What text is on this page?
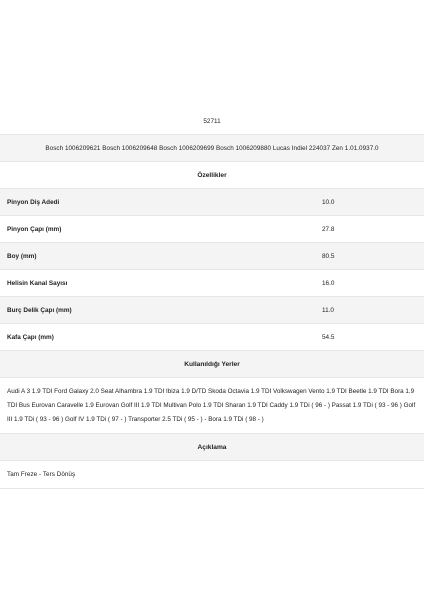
52711
Bosch 1006209621 Bosch 1006209648 Bosch 1006209699 Bosch 1006209880 Lucas Indiel 224037 Zen 1.01.0937.0
Özellikler
Pinyon Diş Adedi	10.0
Pinyon Çapı (mm)	27.8
Boy (mm)	80.5
Helisin Kanal Sayısı	16.0
Burç Delik Çapı (mm)	11.0
Kafa Çapı (mm)	54.5
Kullanıldığı Yerler
Audi A 3 1.9 TDI Ford Galaxy 2.0 Seat Alhambra 1.9 TDI Ibiza 1.9 D/TD Skoda Octavia 1.9 TDI Volkswagen Vento 1.9 TDI Beetle 1.9 TDI Bora 1.9 TDI Bus Eurovan Caravelle 1.9 Eurovan Golf III 1.9 TDI Multivan Polo 1.9 TDI Sharan 1.9 TDI Caddy 1.9 TDi ( 96 - ) Passat 1.9 TDi ( 93 - 96 ) Golf III 1.9 TDi ( 93 - 96 ) Golf IV 1.9 TDi ( 97 - ) Transporter 2.5 TDi ( 95 - ) - Bora 1.9 TDi ( 98 - )
Açıklama
Tam Freze - Ters Dönüş
